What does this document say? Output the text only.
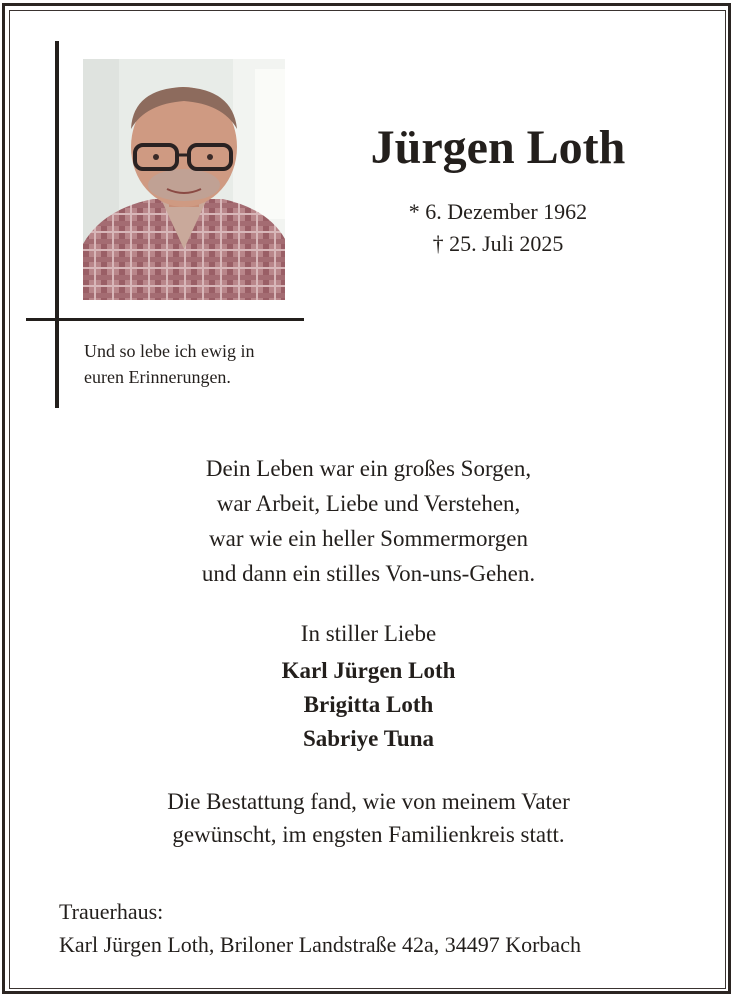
Und so lebe ich ewig in
euren Erinnerungen.
Jürgen Loth
* 6. Dezember 1962
† 25. Juli 2025
Dein Leben war ein großes Sorgen,
war Arbeit, Liebe und Verstehen,
war wie ein heller Sommermorgen
und dann ein stilles Von-uns-Gehen.
In stiller Liebe
Karl Jürgen Loth
Brigitta Loth
Sabriye Tuna
Die Bestattung fand, wie von meinem Vater
gewünscht, im engsten Familienkreis statt.
Trauerhaus:
Karl Jürgen Loth, Briloner Landstraße 42a, 34497 Korbach
